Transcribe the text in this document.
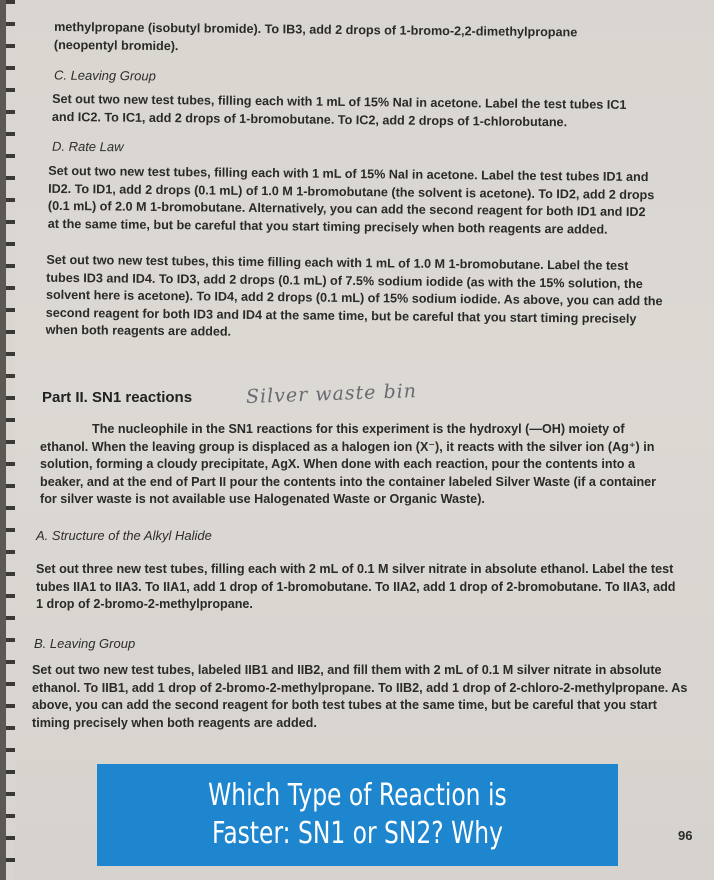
methylpropane (isobutyl bromide). To IB3, add 2 drops of 1-bromo-2,2-dimethylpropane (neopentyl bromide).
C. Leaving Group
Set out two new test tubes, filling each with 1 mL of 15% NaI in acetone. Label the test tubes IC1 and IC2. To IC1, add 2 drops of 1-bromobutane. To IC2, add 2 drops of 1-chlorobutane.
D. Rate Law
Set out two new test tubes, filling each with 1 mL of 15% NaI in acetone. Label the test tubes ID1 and ID2. To ID1, add 2 drops (0.1 mL) of 1.0 M 1-bromobutane (the solvent is acetone). To ID2, add 2 drops (0.1 mL) of 2.0 M 1-bromobutane. Alternatively, you can add the second reagent for both ID1 and ID2 at the same time, but be careful that you start timing precisely when both reagents are added.
Set out two new test tubes, this time filling each with 1 mL of 1.0 M 1-bromobutane. Label the test tubes ID3 and ID4. To ID3, add 2 drops (0.1 mL) of 7.5% sodium iodide (as with the 15% solution, the solvent here is acetone). To ID4, add 2 drops (0.1 mL) of 15% sodium iodide. As above, you can add the second reagent for both ID3 and ID4 at the same time, but be careful that you start timing precisely when both reagents are added.
Part II. SN1 reactions	Silver waste bin
The nucleophile in the SN1 reactions for this experiment is the hydroxyl (—OH) moiety of ethanol. When the leaving group is displaced as a halogen ion (X⁻), it reacts with the silver ion (Ag⁺) in solution, forming a cloudy precipitate, AgX. When done with each reaction, pour the contents into a beaker, and at the end of Part II pour the contents into the container labeled Silver Waste (if a container for silver waste is not available use Halogenated Waste or Organic Waste).
A. Structure of the Alkyl Halide
Set out three new test tubes, filling each with 2 mL of 0.1 M silver nitrate in absolute ethanol. Label the test tubes IIA1 to IIA3. To IIA1, add 1 drop of 1-bromobutane. To IIA2, add 1 drop of 2-bromobutane. To IIA3, add 1 drop of 2-bromo-2-methylpropane.
B. Leaving Group
Set out two new test tubes, labeled IIB1 and IIB2, and fill them with 2 mL of 0.1 M silver nitrate in absolute ethanol. To IIB1, add 1 drop of 2-bromo-2-methylpropane. To IIB2, add 1 drop of 2-chloro-2-methylpropane. As above, you can add the second reagent for both test tubes at the same time, but be careful that you start timing precisely when both reagents are added.
96
Which Type of Reaction is
Faster: SN1 or SN2? Why
